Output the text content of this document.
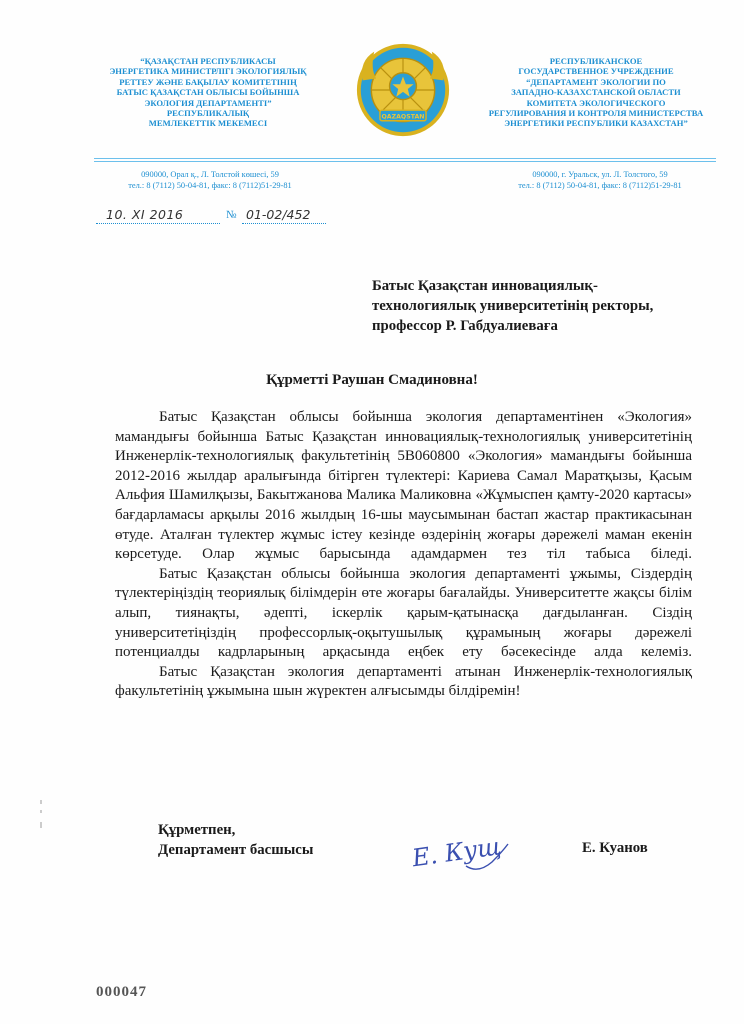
“ҚАЗАҚСТАН РЕСПУБЛИКАСЫ
ЭНЕРГЕТИКА МИНИСТРЛІГІ ЭКОЛОГИЯЛЫҚ
РЕТТЕУ ЖӘНЕ БАҚЫЛАУ КОМИТЕТІНІҢ
БАТЫС ҚАЗАҚСТАН ОБЛЫСЫ БОЙЫНША
ЭКОЛОГИЯ ДЕПАРТАМЕНТІ”
РЕСПУБЛИКАЛЫҚ
МЕМЛЕКЕТТІК МЕКЕМЕСІ
QAZAQSTAN
РЕСПУБЛИКАНСКОЕ
ГОСУДАРСТВЕННОЕ УЧРЕЖДЕНИЕ
“ДЕПАРТАМЕНТ ЭКОЛОГИИ ПО
ЗАПАДНО-КАЗАХСТАНСКОЙ ОБЛАСТИ
КОМИТЕТА ЭКОЛОГИЧЕСКОГО
РЕГУЛИРОВАНИЯ И КОНТРОЛЯ МИНИСТЕРСТВА
ЭНЕРГЕТИКИ РЕСПУБЛИКИ КАЗАХСТАН”
090000, Орал қ., Л. Толстой көшесі, 59
тел.: 8 (7112) 50-04-81, факс: 8 (7112)51-29-81
090000, г. Уральск, ул. Л. Толстого, 59
тел.: 8 (7112) 50-04-81, факс: 8 (7112)51-29-81
10. XI 2016	№ 01-02/452
Батыс Қазақстан инновациялық-
технологиялық университетінің ректоры,
профессор Р. Габдуалиеваға
Құрметті Раушан Смадиновна!

Батыс Қазақстан облысы бойынша экология департаментінен «Экология» мамандығы бойынша Батыс Қазақстан инновациялық-технологиялық университетінің Инженерлік-технологиялық факультетінің 5В060800 «Экология» мамандығы бойынша 2012-2016 жылдар аралығында бітірген түлектері: Кариева Самал Маратқызы, Қасым Альфия Шамилқызы, Бакытжанова Малика Маликовна «Жұмыспен қамту-2020 картасы» бағдарламасы арқылы 2016 жылдың 16-шы маусымынан бастап жастар практикасынан өтуде. Аталған түлектер жұмыс істеу кезінде өздерінің жоғары дәрежелі маман екенін көрсетуде. Олар жұмыс барысында адамдармен тез тіл табыса біледі.

Батыс Қазақстан облысы бойынша экология департаменті ұжымы, Сіздердің түлектеріңіздің теориялық білімдерін өте жоғары бағалайды. Университетте жақсы білім алып, тиянақты, әдепті, іскерлік қарым-қатынасқа дағдыланған. Сіздің университетіңіздің профессорлық-оқытушылық құрамының жоғары дәрежелі потенциалды кадрларының арқасында еңбек ету бәсекесінде алда келеміз.

Батыс Қазақстан экология департаменті атынан Инженерлік-технологиялық факультетінің ұжымына шын жүректен алғысымды білдіремін!

Құрметпен,
Департамент басшысы	Е. Кущ	Е. Куанов
000047
